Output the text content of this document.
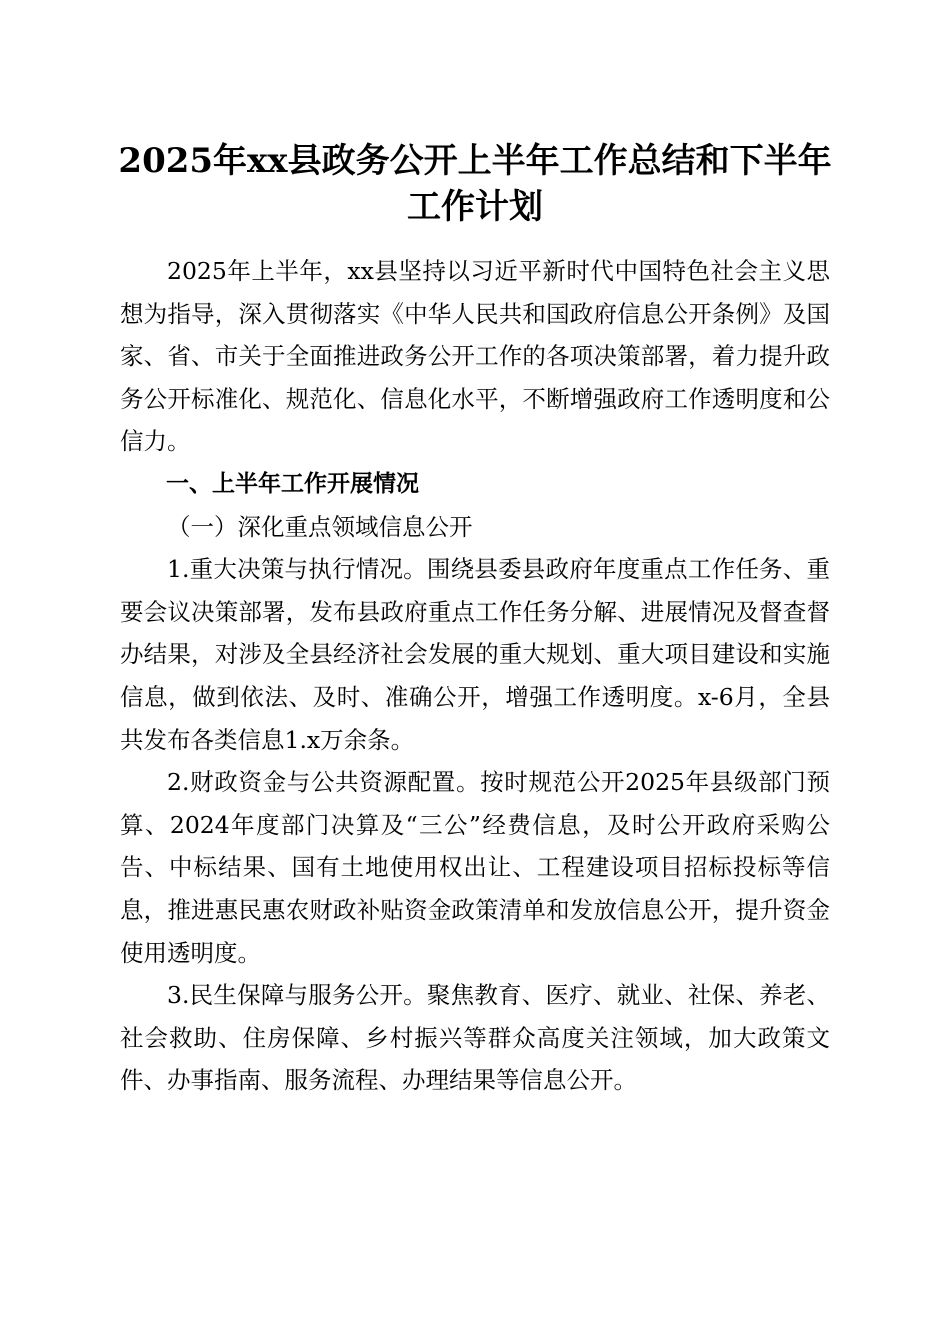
2025年xx县政务公开上半年工作总结和下半年工作计划

2025年上半年，xx县坚持以习近平新时代中国特色社会主义思想为指导，深入贯彻落实《中华人民共和国政府信息公开条例》及国家、省、市关于全面推进政务公开工作的各项决策部署，着力提升政务公开标准化、规范化、信息化水平，不断增强政府工作透明度和公信力。

一、上半年工作开展情况

（一）深化重点领域信息公开

1.重大决策与执行情况。围绕县委县政府年度重点工作任务、重要会议决策部署，发布县政府重点工作任务分解、进展情况及督查督办结果，对涉及全县经济社会发展的重大规划、重大项目建设和实施信息，做到依法、及时、准确公开，增强工作透明度。x-6月，全县共发布各类信息1.x万余条。

2.财政资金与公共资源配置。按时规范公开2025年县级部门预算、2024年度部门决算及“三公”经费信息，及时公开政府采购公告、中标结果、国有土地使用权出让、工程建设项目招标投标等信息，推进惠民惠农财政补贴资金政策清单和发放信息公开，提升资金使用透明度。

3.民生保障与服务公开。聚焦教育、医疗、就业、社保、养老、社会救助、住房保障、乡村振兴等群众高度关注领域，加大政策文件、办事指南、服务流程、办理结果等信息公开。
